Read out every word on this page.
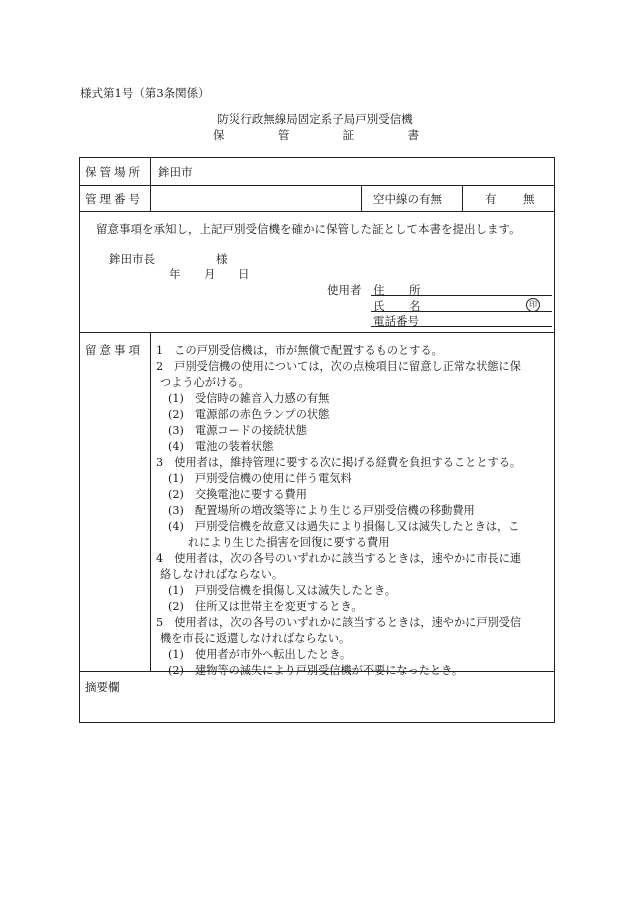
様式第1号（第3条関係）
防災行政無線局固定系子局戸別受信機
保	管	証	書
保管場所 鉾田市
管理番号	空中線の有無	有 無
留意事項を承知し，上記戸別受信機を確かに保管した証として本書を提出します。
鉾田市長	様
年 月 日
使用者 住 所
氏 名	印
電話番号
留意事項 1　この戸別受信機は，市が無償で配置するものとする。
2　戸別受信機の使用については，次の点検項目に留意し正常な状態に保
つよう心がける。
(1)　受信時の雑音入力感の有無
(2)　電源部の赤色ランプの状態
(3)　電源コードの接続状態
(4)　電池の装着状態
3　使用者は，維持管理に要する次に掲げる経費を負担することとする。
(1)　戸別受信機の使用に伴う電気料
(2)　交換電池に要する費用
(3)　配置場所の増改築等により生じる戸別受信機の移動費用
(4)　戸別受信機を故意又は過失により損傷し又は滅失したときは，こ
れにより生じた損害を回復に要する費用
4　使用者は，次の各号のいずれかに該当するときは，速やかに市長に連
絡しなければならない。
(1)　戸別受信機を損傷し又は滅失したとき。
(2)　住所又は世帯主を変更するとき。
5　使用者は，次の各号のいずれかに該当するときは，速やかに戸別受信
機を市長に返還しなければならない。
(1)　使用者が市外へ転出したとき。
(2)　建物等の滅失により戸別受信機が不要になったとき。
摘要欄
